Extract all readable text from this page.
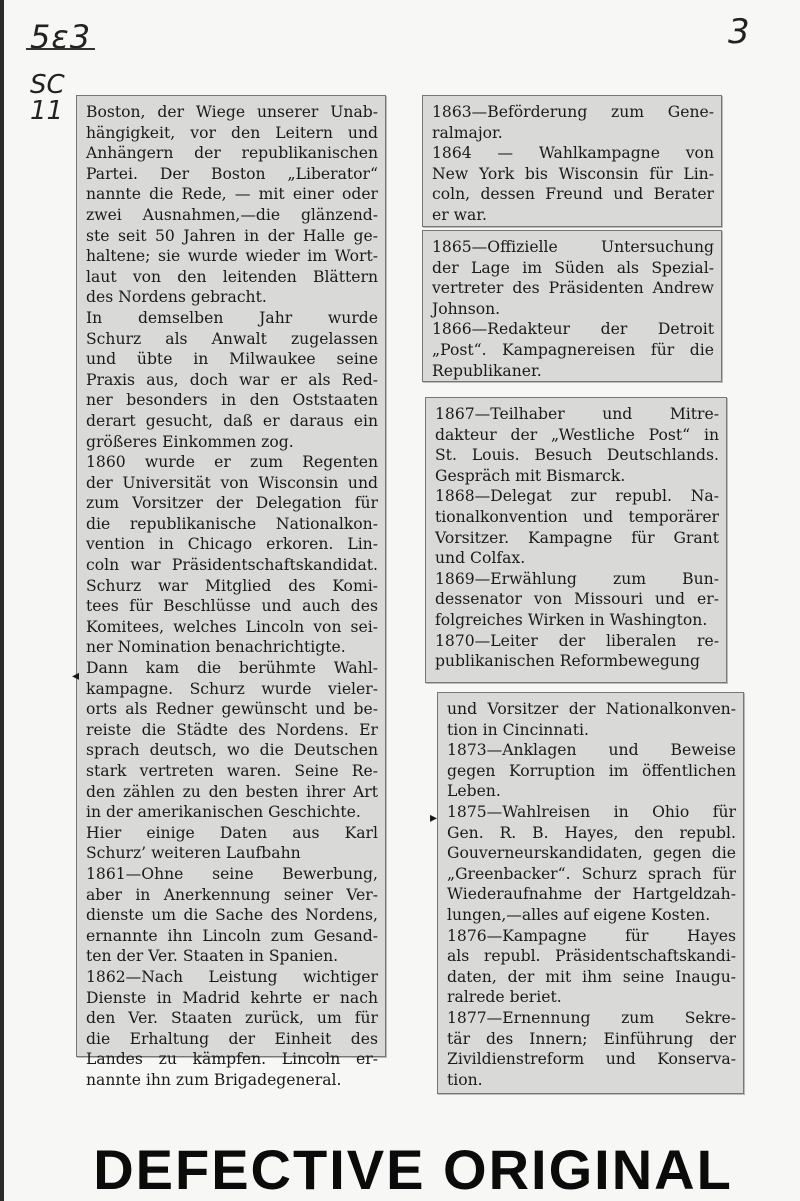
5ɛ3
SC
11
3
Boston, der Wiege unserer Unab-
hängigkeit, vor den Leitern und
Anhängern der republikanischen
Partei. Der Boston „Liberator“
nannte die Rede, — mit einer oder
zwei Ausnahmen,—die glänzend-
ste seit 50 Jahren in der Halle ge-
haltene; sie wurde wieder im Wort-
laut von den leitenden Blättern
des Nordens gebracht.
In demselben Jahr wurde
Schurz als Anwalt zugelassen
und übte in Milwaukee seine
Praxis aus, doch war er als Red-
ner besonders in den Oststaaten
derart gesucht, daß er daraus ein
größeres Einkommen zog.
1860 wurde er zum Regenten
der Universität von Wisconsin und
zum Vorsitzer der Delegation für
die republikanische Nationalkon-
vention in Chicago erkoren. Lin-
coln war Präsidentschaftskandidat.
Schurz war Mitglied des Komi-
tees für Beschlüsse und auch des
Komitees, welches Lincoln von sei-
ner Nomination benachrichtigte.
Dann kam die berühmte Wahl-
kampagne. Schurz wurde vieler-
orts als Redner gewünscht und be-
reiste die Städte des Nordens. Er
sprach deutsch, wo die Deutschen
stark vertreten waren. Seine Re-
den zählen zu den besten ihrer Art
in der amerikanischen Geschichte.
Hier einige Daten aus Karl
Schurz’ weiteren Laufbahn
1861—Ohne seine Bewerbung,
aber in Anerkennung seiner Ver-
dienste um die Sache des Nordens,
ernannte ihn Lincoln zum Gesand-
ten der Ver. Staaten in Spanien.
1862—Nach Leistung wichtiger
Dienste in Madrid kehrte er nach
den Ver. Staaten zurück, um für
die Erhaltung der Einheit des
Landes zu kämpfen. Lincoln er-
nannte ihn zum Brigadegeneral.
1863—Beförderung zum Gene-
ralmajor.
1864 — Wahlkampagne von
New York bis Wisconsin für Lin-
coln, dessen Freund und Berater
er war.
1865—Offizielle Untersuchung
der Lage im Süden als Spezial-
vertreter des Präsidenten Andrew
Johnson.
1866—Redakteur der Detroit
„Post“. Kampagnereisen für die
Republikaner.
1867—Teilhaber und Mitre-
dakteur der „Westliche Post“ in
St. Louis. Besuch Deutschlands.
Gespräch mit Bismarck.
1868—Delegat zur republ. Na-
tionalkonvention und temporärer
Vorsitzer. Kampagne für Grant
und Colfax.
1869—Erwählung zum Bun-
dessenator von Missouri und er-
folgreiches Wirken in Washington.
1870—Leiter der liberalen re-
publikanischen Reformbewegung
und Vorsitzer der Nationalkonven-
tion in Cincinnati.
1873—Anklagen und Beweise
gegen Korruption im öffentlichen
Leben.
1875—Wahlreisen in Ohio für
Gen. R. B. Hayes, den republ.
Gouverneurskandidaten, gegen die
„Greenbacker“. Schurz sprach für
Wiederaufnahme der Hartgeldzah-
lungen,—alles auf eigene Kosten.
1876—Kampagne für Hayes
als republ. Präsidentschaftskandi-
daten, der mit ihm seine Inaugu-
ralrede beriet.
1877—Ernennung zum Sekre-
tär des Innern; Einführung der
Zivildienstreform und Konserva-
tion.
◂
▸
DEFECTIVE ORIGINAL
